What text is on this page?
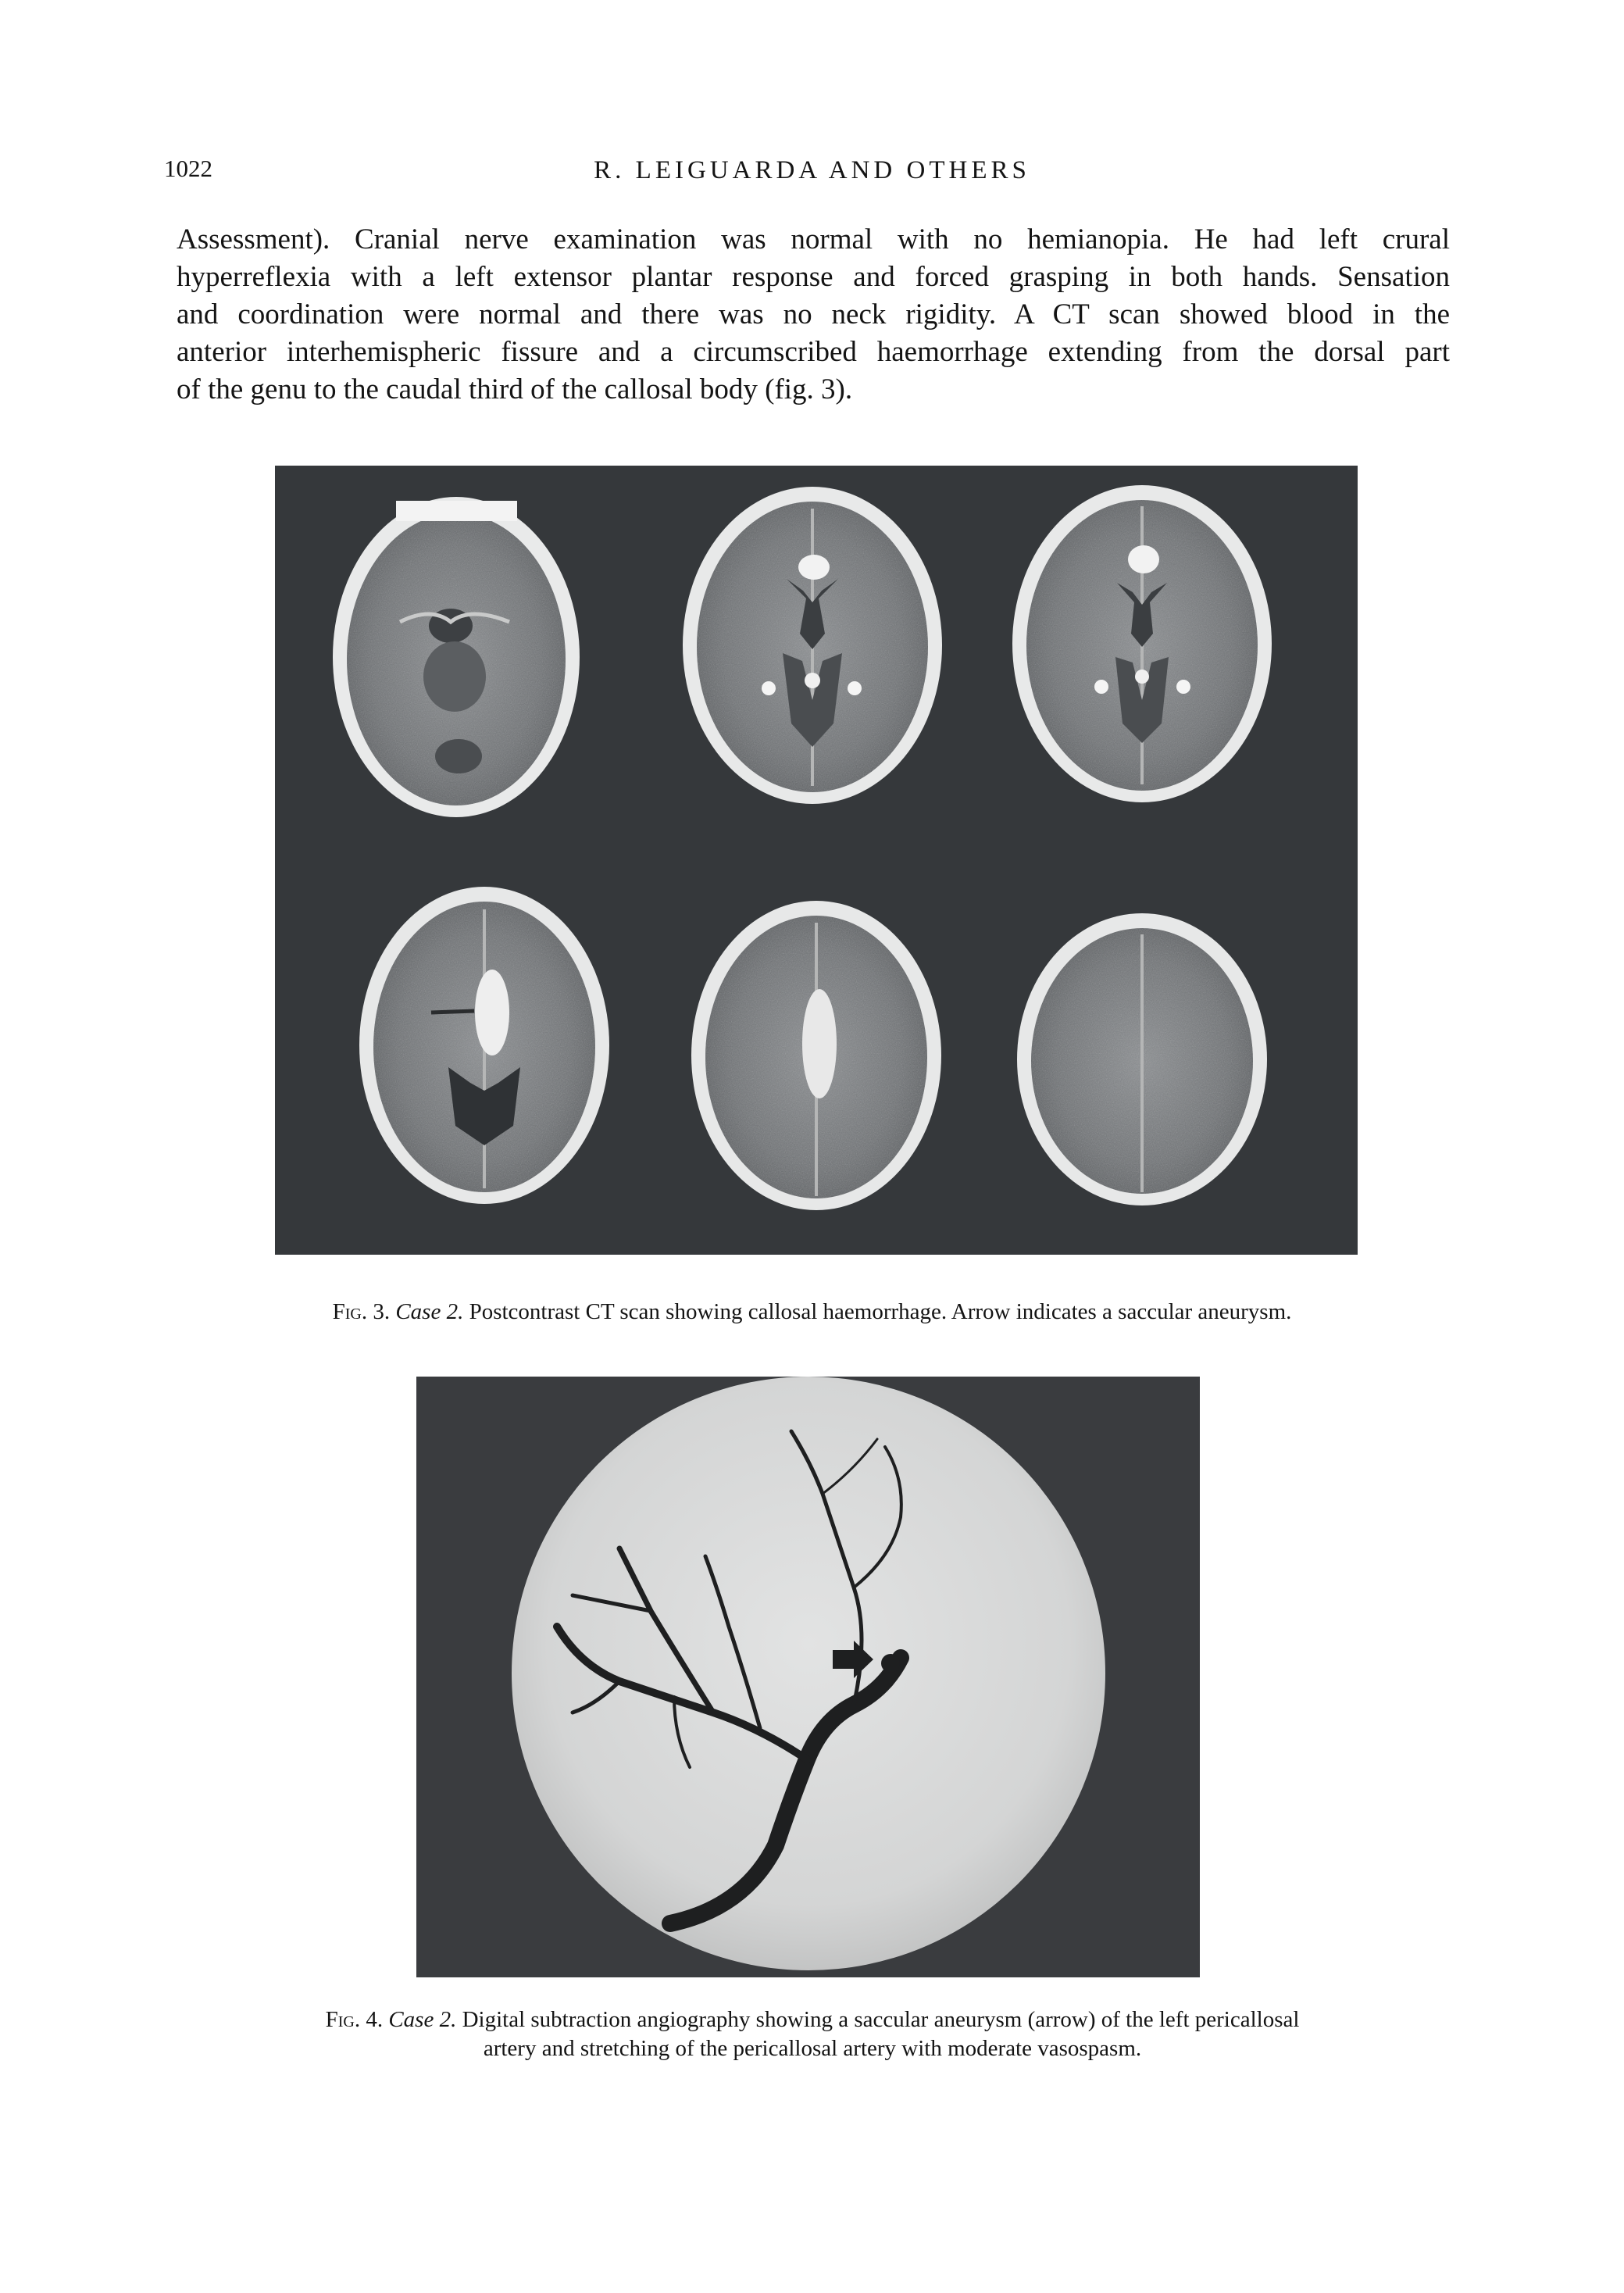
1022	R. LEIGUARDA AND OTHERS
Assessment). Cranial nerve examination was normal with no hemianopia. He had left crural
hyperreflexia with a left extensor plantar response and forced grasping in both hands. Sensation
and coordination were normal and there was no neck rigidity. A CT scan showed blood in the
anterior interhemispheric fissure and a circumscribed haemorrhage extending from the dorsal part
of the genu to the caudal third of the callosal body (fig. 3).
Fig. 3. Case 2. Postcontrast CT scan showing callosal haemorrhage. Arrow indicates a saccular aneurysm.
Fig. 4. Case 2. Digital subtraction angiography showing a saccular aneurysm (arrow) of the left pericallosal
artery and stretching of the pericallosal artery with moderate vasospasm.
